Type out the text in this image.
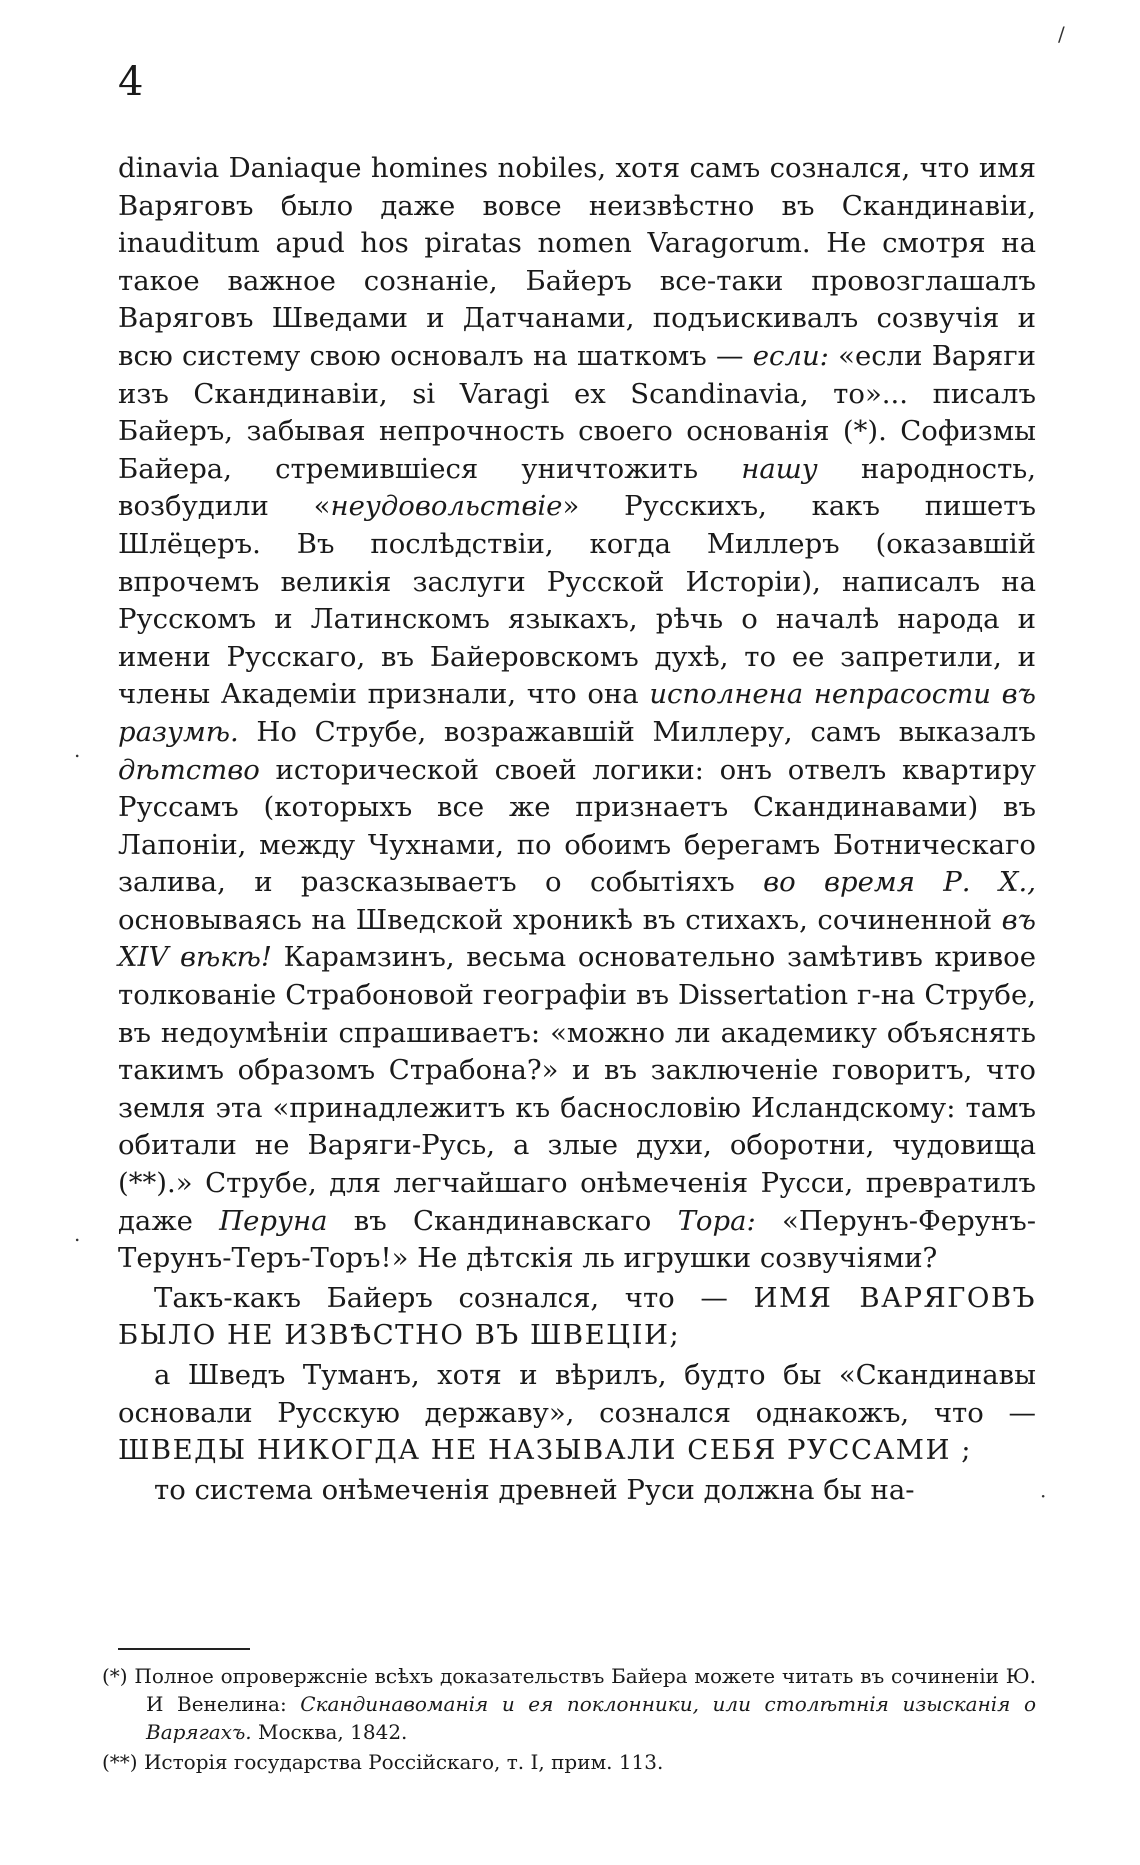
/
4

dinavia Daniaque homines nobiles, хотя самъ сознался, что имя Варяговъ было даже вовсе неизвѣстно въ Скандинавіи, inauditum apud hos piratas nomen Varagorum. Не смотря на такое важное сознаніе, Байеръ все-таки провозглашалъ Варяговъ Шведами и Датчанами, подъискивалъ созвучія и всю систему свою основалъ на шаткомъ — если: «если Варяги изъ Скандинавіи, si Varagi ex Scandinavia, то»... писалъ Байеръ, забывая непрочность своего основанія (*). Софизмы Байера, стремившіеся уничтожить нашу народность, возбудили «неудовольствіе» Русскихъ, какъ пишетъ Шлёцеръ. Въ послѣдствіи, когда Миллеръ (оказавшій впрочемъ великія заслуги Русской Исторіи), написалъ на Русскомъ и Латинскомъ языкахъ, рѣчь о началѣ народа и имени Русскаго, въ Байеровскомъ духѣ, то ее запретили, и члены Академіи признали, что она исполнена непрасости въ разумѣ. Но Струбе, возражавшій Миллеру, самъ выказалъ дѣтство исторической своей логики: онъ отвелъ квартиру Руссамъ (которыхъ все же признаетъ Скандинавами) въ Лапоніи, между Чухнами, по обоимъ берегамъ Ботническаго залива, и разсказываетъ о событіяхъ во время Р. Х., основываясь на Шведской хроникѣ въ стихахъ, сочиненной въ XIV вѣкѣ! Карамзинъ, весьма основательно замѣтивъ кривое толкованіе Страбоновой географіи въ Dissertation г-на Струбе, въ недоумѣніи спрашиваетъ: «можно ли академику объяснять такимъ образомъ Страбона?» и въ заключеніе говоритъ, что земля эта «принадлежитъ къ баснословію Исландскому: тамъ обитали не Варяги-Русь, а злые духи, оборотни, чудовища (**).» Струбе, для легчайшаго онѣмеченія Русси, превратилъ даже Перуна въ Скандинавскаго Тора: «Перунъ-Ферунъ-Терунъ-Теръ-Торъ!» Не дѣтскія ль игрушки созвучіями?

Такъ-какъ Байеръ сознался, что — ИМЯ ВАРЯГОВЪ БЫЛО НЕ ИЗВѢСТНО ВЪ ШВЕЦІИ;

а Шведъ Туманъ, хотя и вѣрилъ, будто бы «Скандинавы основали Русскую державу», сознался однакожъ, что — ШВЕДЫ НИКОГДА НЕ НАЗЫВАЛИ СЕБЯ РУССАМИ ;

то система онѣмеченія древней Руси должна бы на-

.
.
·

(*) Полное опровержсніе всѣхъ доказательствъ Байера можете читать въ сочиненіи Ю. И Венелина: Скандинавоманія и ея поклонники, или столѣтнія изысканія о Варягахъ. Москва, 1842.

(**) Исторія государства Россійскаго, т. I, прим. 113.
